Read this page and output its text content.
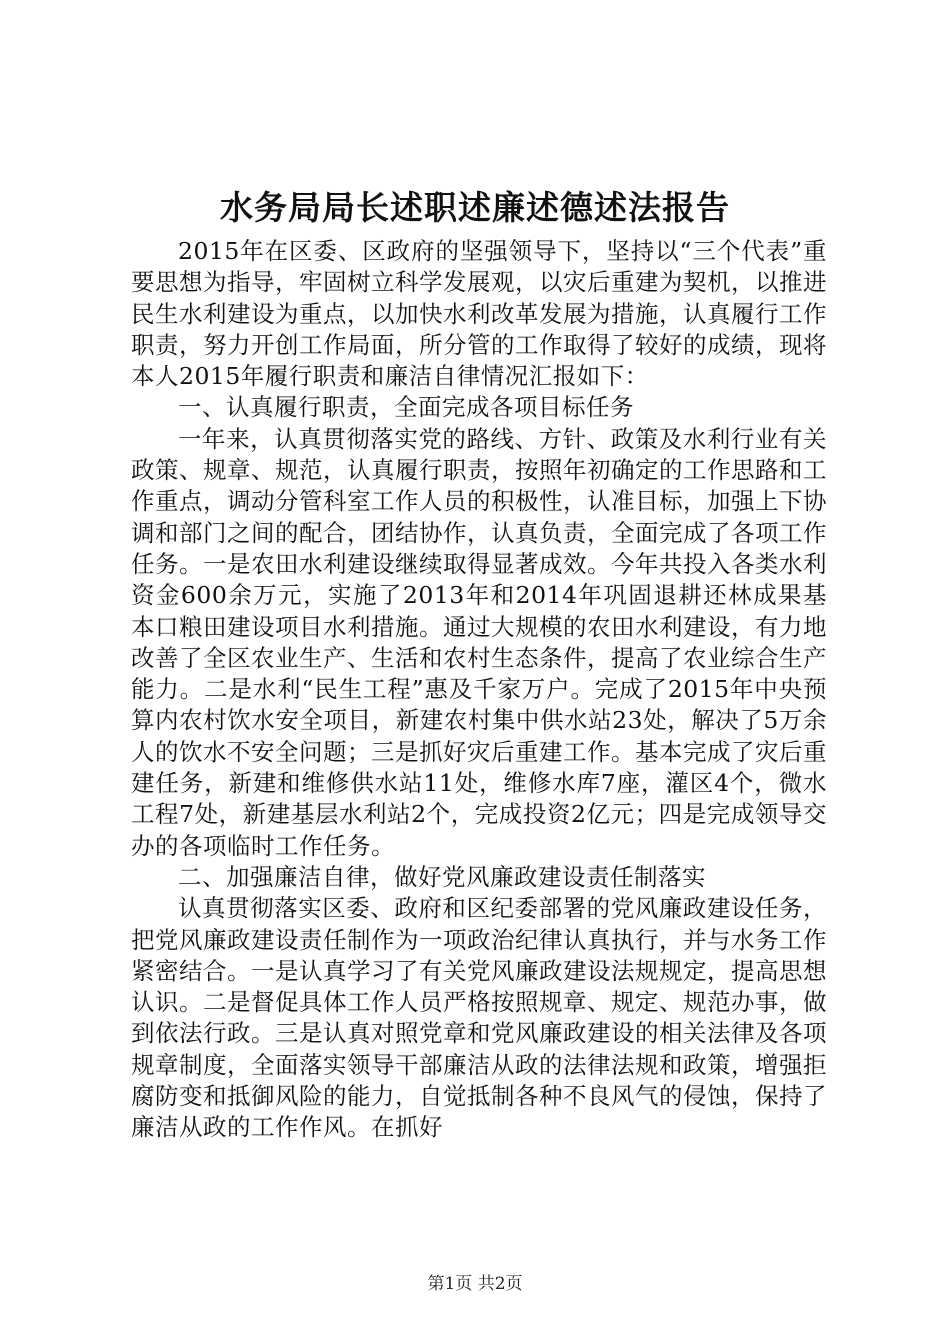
水务局局长述职述廉述德述法报告

2015年在区委、区政府的坚强领导下，坚持以“三个代表”重要思想为指导，牢固树立科学发展观，以灾后重建为契机，以推进民生水利建设为重点，以加快水利改革发展为措施，认真履行工作职责，努力开创工作局面，所分管的工作取得了较好的成绩，现将本人2015年履行职责和廉洁自律情况汇报如下：

一、认真履行职责，全面完成各项目标任务

一年来，认真贯彻落实党的路线、方针、政策及水利行业有关政策、规章、规范，认真履行职责，按照年初确定的工作思路和工作重点，调动分管科室工作人员的积极性，认准目标，加强上下协调和部门之间的配合，团结协作，认真负责，全面完成了各项工作任务。一是农田水利建设继续取得显著成效。今年共投入各类水利资金600余万元，实施了2013年和2014年巩固退耕还林成果基本口粮田建设项目水利措施。通过大规模的农田水利建设，有力地改善了全区农业生产、生活和农村生态条件，提高了农业综合生产能力。二是水利“民生工程”惠及千家万户。完成了2015年中央预算内农村饮水安全项目，新建农村集中供水站23处，解决了5万余人的饮水不安全问题；三是抓好灾后重建工作。基本完成了灾后重建任务，新建和维修供水站11处，维修水库7座，灌区4个，微水工程7处，新建基层水利站2个，完成投资2亿元；四是完成领导交办的各项临时工作任务。

二、加强廉洁自律，做好党风廉政建设责任制落实

认真贯彻落实区委、政府和区纪委部署的党风廉政建设任务，把党风廉政建设责任制作为一项政治纪律认真执行，并与水务工作紧密结合。一是认真学习了有关党风廉政建设法规规定，提高思想认识。二是督促具体工作人员严格按照规章、规定、规范办事，做到依法行政。三是认真对照党章和党风廉政建设的相关法律及各项规章制度，全面落实领导干部廉洁从政的法律法规和政策，增强拒腐防变和抵御风险的能力，自觉抵制各种不良风气的侵蚀，保持了廉洁从政的工作作风。在抓好

第1页 共2页
